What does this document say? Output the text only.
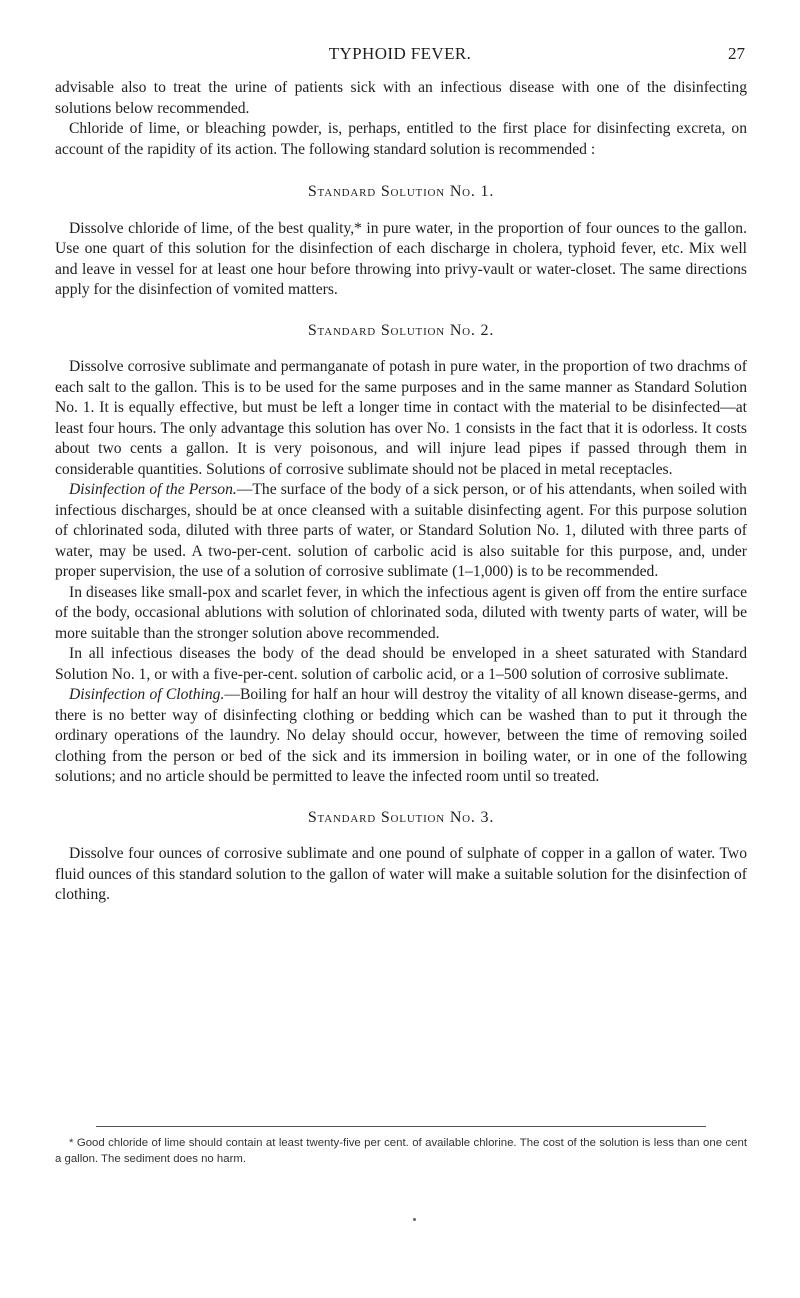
TYPHOID FEVER.	27

advisable also to treat the urine of patients sick with an infectious disease with one of the disinfecting solutions below recommended.

Chloride of lime, or bleaching powder, is, perhaps, entitled to the first place for disinfecting excreta, on account of the rapidity of its action. The following standard solution is recommended :

Standard Solution No. 1.

Dissolve chloride of lime, of the best quality,* in pure water, in the proportion of four ounces to the gallon. Use one quart of this solution for the disinfection of each discharge in cholera, typhoid fever, etc. Mix well and leave in vessel for at least one hour before throwing into privy-vault or water-closet. The same directions apply for the disinfection of vomited matters.

Standard Solution No. 2.

Dissolve corrosive sublimate and permanganate of potash in pure water, in the proportion of two drachms of each salt to the gallon. This is to be used for the same purposes and in the same manner as Standard Solution No. 1. It is equally effective, but must be left a longer time in contact with the material to be disinfected—at least four hours. The only advantage this solution has over No. 1 consists in the fact that it is odorless. It costs about two cents a gallon. It is very poisonous, and will injure lead pipes if passed through them in considerable quantities. Solutions of corrosive sublimate should not be placed in metal receptacles.

Disinfection of the Person.—The surface of the body of a sick person, or of his attendants, when soiled with infectious discharges, should be at once cleansed with a suitable disinfecting agent. For this purpose solution of chlorinated soda, diluted with three parts of water, or Standard Solution No. 1, diluted with three parts of water, may be used. A two-per-cent. solution of carbolic acid is also suitable for this purpose, and, under proper supervision, the use of a solution of corrosive sublimate (1–1,000) is to be recommended.

In diseases like small-pox and scarlet fever, in which the infectious agent is given off from the entire surface of the body, occasional ablutions with solution of chlorinated soda, diluted with twenty parts of water, will be more suitable than the stronger solution above recommended.

In all infectious diseases the body of the dead should be enveloped in a sheet saturated with Standard Solution No. 1, or with a five-per-cent. solution of carbolic acid, or a 1–500 solution of corrosive sublimate.

Disinfection of Clothing.—Boiling for half an hour will destroy the vitality of all known disease-germs, and there is no better way of disinfecting clothing or bedding which can be washed than to put it through the ordinary operations of the laundry. No delay should occur, however, between the time of removing soiled clothing from the person or bed of the sick and its immersion in boiling water, or in one of the following solutions; and no article should be permitted to leave the infected room until so treated.

Standard Solution No. 3.

Dissolve four ounces of corrosive sublimate and one pound of sulphate of copper in a gallon of water. Two fluid ounces of this standard solution to the gallon of water will make a suitable solution for the disinfection of clothing.

* Good chloride of lime should contain at least twenty-five per cent. of available chlorine. The cost of the solution is less than one cent a gallon. The sediment does no harm.
